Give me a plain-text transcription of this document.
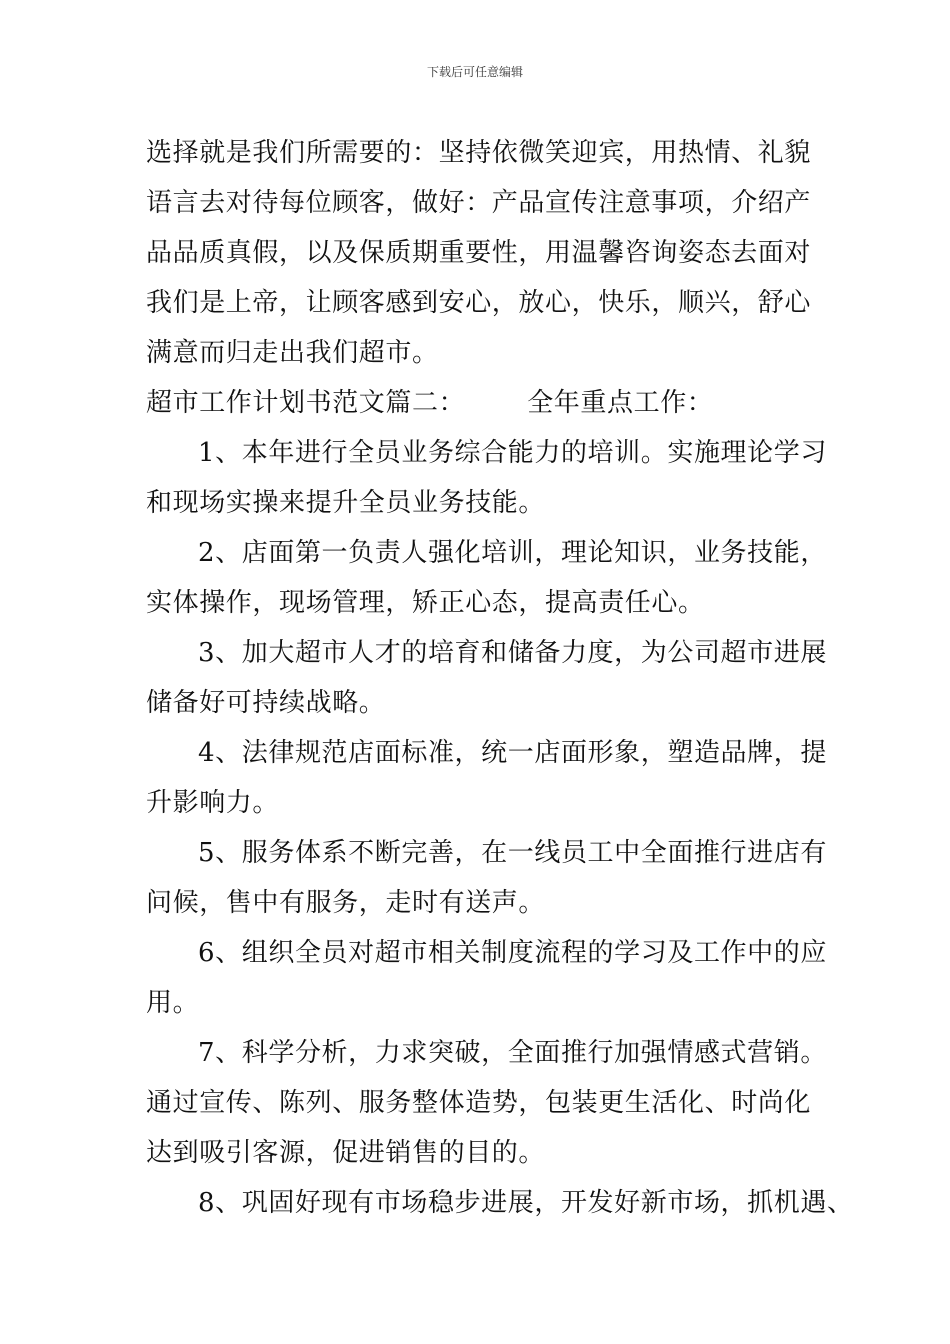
下载后可任意编辑
选择就是我们所需要的：坚持依微笑迎宾，用热情、礼貌
语言去对待每位顾客，做好：产品宣传注意事项，介绍产
品品质真假，以及保质期重要性，用温馨咨询姿态去面对
我们是上帝，让顾客感到安心，放心，快乐，顺兴，舒心
满意而归走出我们超市。
超市工作计划书范文篇二： 全年重点工作：
1、本年进行全员业务综合能力的培训。实施理论学习
和现场实操来提升全员业务技能。
2、店面第一负责人强化培训，理论知识，业务技能，
实体操作，现场管理，矫正心态，提高责任心。
3、加大超市人才的培育和储备力度，为公司超市进展
储备好可持续战略。
4、法律规范店面标准，统一店面形象，塑造品牌，提
升影响力。
5、服务体系不断完善，在一线员工中全面推行进店有
问候，售中有服务，走时有送声。
6、组织全员对超市相关制度流程的学习及工作中的应
用。
7、科学分析，力求突破，全面推行加强情感式营销。
通过宣传、陈列、服务整体造势，包装更生活化、时尚化
达到吸引客源，促进销售的目的。
8、巩固好现有市场稳步进展，开发好新市场，抓机遇、
